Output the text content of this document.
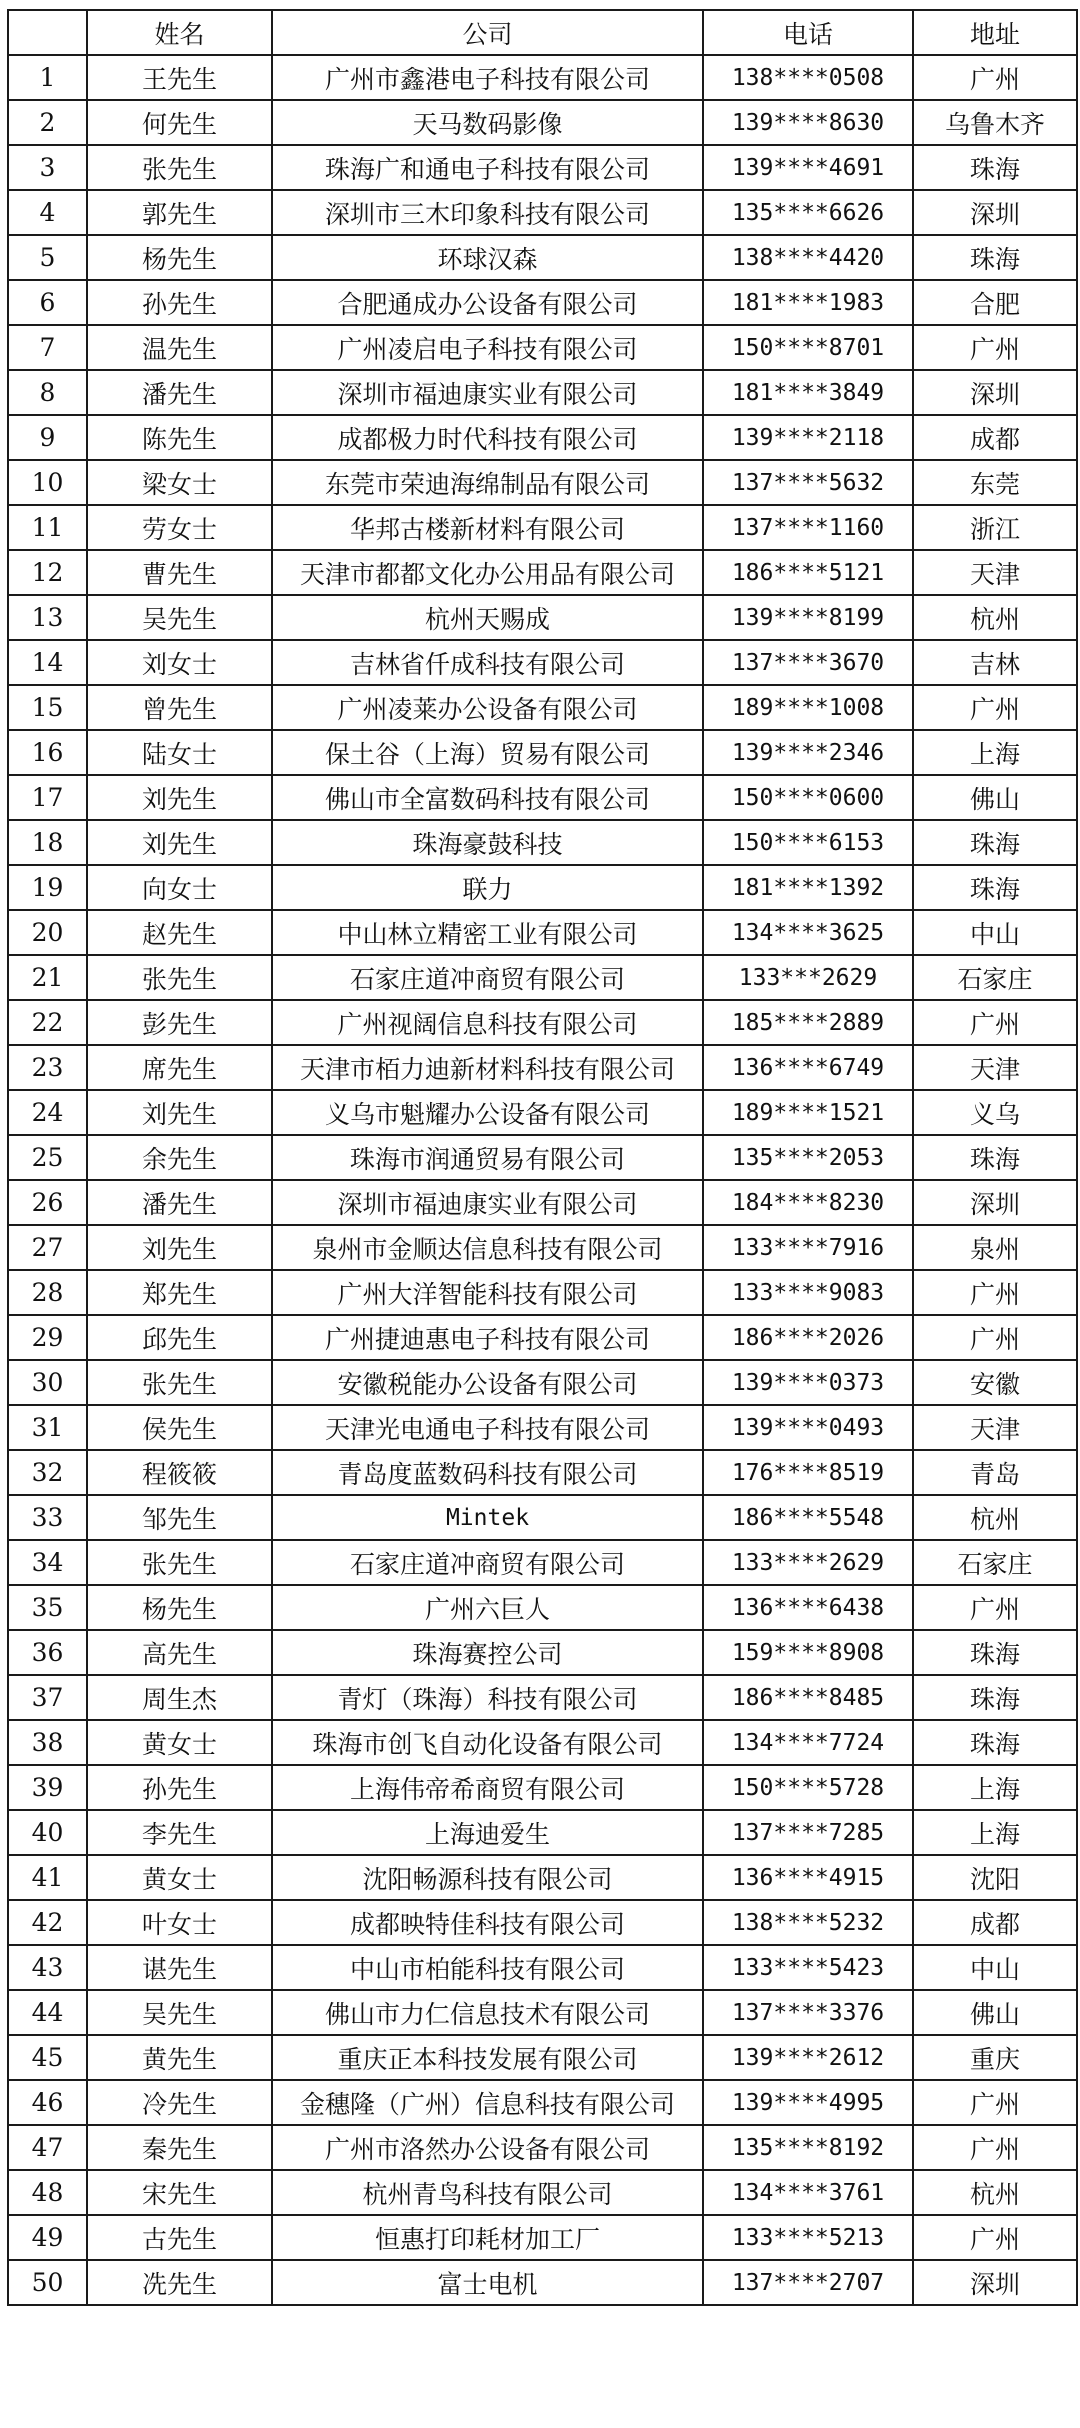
	姓名	公司	电话	地址
1	王先生	广州市鑫港电子科技有限公司	138****0508	广州
2	何先生	天马数码影像	139****8630	乌鲁木齐
3	张先生	珠海广和通电子科技有限公司	139****4691	珠海
4	郭先生	深圳市三木印象科技有限公司	135****6626	深圳
5	杨先生	环球汉森	138****4420	珠海
6	孙先生	合肥通成办公设备有限公司	181****1983	合肥
7	温先生	广州凌启电子科技有限公司	150****8701	广州
8	潘先生	深圳市福迪康实业有限公司	181****3849	深圳
9	陈先生	成都极力时代科技有限公司	139****2118	成都
10	梁女士	东莞市荣迪海绵制品有限公司	137****5632	东莞
11	劳女士	华邦古楼新材料有限公司	137****1160	浙江
12	曹先生	天津市都都文化办公用品有限公司	186****5121	天津
13	吴先生	杭州天赐成	139****8199	杭州
14	刘女士	吉林省仟成科技有限公司	137****3670	吉林
15	曾先生	广州凌莱办公设备有限公司	189****1008	广州
16	陆女士	保土谷（上海）贸易有限公司	139****2346	上海
17	刘先生	佛山市全富数码科技有限公司	150****0600	佛山
18	刘先生	珠海豪鼓科技	150****6153	珠海
19	向女士	联力	181****1392	珠海
20	赵先生	中山林立精密工业有限公司	134****3625	中山
21	张先生	石家庄道冲商贸有限公司	133***2629	石家庄
22	彭先生	广州视阔信息科技有限公司	185****2889	广州
23	席先生	天津市栢力迪新材料科技有限公司	136****6749	天津
24	刘先生	义乌市魁耀办公设备有限公司	189****1521	义乌
25	余先生	珠海市润通贸易有限公司	135****2053	珠海
26	潘先生	深圳市福迪康实业有限公司	184****8230	深圳
27	刘先生	泉州市金顺达信息科技有限公司	133****7916	泉州
28	郑先生	广州大洋智能科技有限公司	133****9083	广州
29	邱先生	广州捷迪惠电子科技有限公司	186****2026	广州
30	张先生	安徽税能办公设备有限公司	139****0373	安徽
31	侯先生	天津光电通电子科技有限公司	139****0493	天津
32	程筱筱	青岛度蓝数码科技有限公司	176****8519	青岛
33	邹先生	Mintek	186****5548	杭州
34	张先生	石家庄道冲商贸有限公司	133****2629	石家庄
35	杨先生	广州六巨人	136****6438	广州
36	高先生	珠海赛控公司	159****8908	珠海
37	周生杰	青灯（珠海）科技有限公司	186****8485	珠海
38	黄女士	珠海市创飞自动化设备有限公司	134****7724	珠海
39	孙先生	上海伟帝希商贸有限公司	150****5728	上海
40	李先生	上海迪爱生	137****7285	上海
41	黄女士	沈阳畅源科技有限公司	136****4915	沈阳
42	叶女士	成都映特佳科技有限公司	138****5232	成都
43	谌先生	中山市柏能科技有限公司	133****5423	中山
44	吴先生	佛山市力仁信息技术有限公司	137****3376	佛山
45	黄先生	重庆正本科技发展有限公司	139****2612	重庆
46	冷先生	金穗隆（广州）信息科技有限公司	139****4995	广州
47	秦先生	广州市洛然办公设备有限公司	135****8192	广州
48	宋先生	杭州青鸟科技有限公司	134****3761	杭州
49	古先生	恒惠打印耗材加工厂	133****5213	广州
50	冼先生	富士电机	137****2707	深圳
